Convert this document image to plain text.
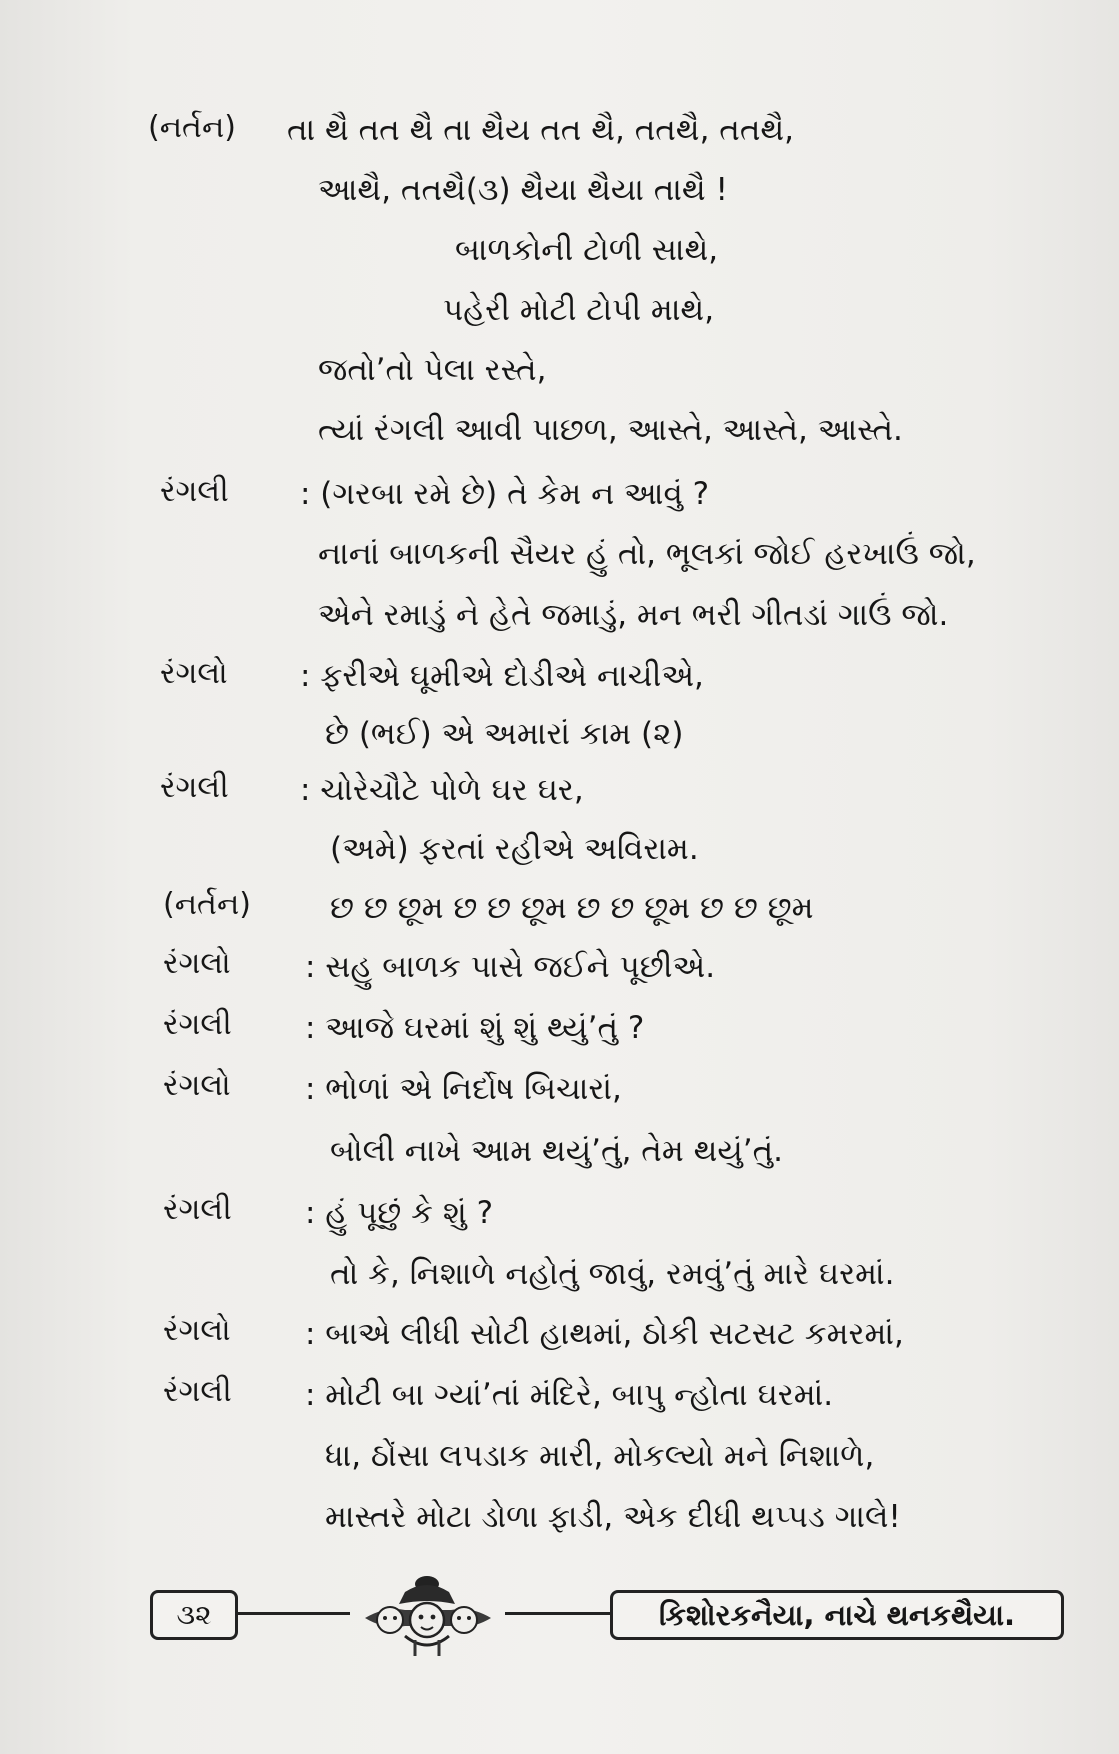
(નર્તન) તા થૈ તત થૈ તા થૈય તત થૈ, તતથૈ, તતથૈ,
આથૈ, તતથૈ(૩) થૈયા થૈયા તાથૈ !
બાળકોની ટોળી સાથે,
પહેરી મોટી ટોપી માથે,
જતો’તો પેલા રસ્તે,
ત્યાં રંગલી આવી પાછળ, આસ્તે, આસ્તે, આસ્તે.
રંગલી : (ગરબા રમે છે) તે કેમ ન આવું ?
નાનાં બાળકની સૈયર હું તો, ભૂલકાં જોઈ હરખાઉં જો,
એને રમાડું ને હેતે જમાડું, મન ભરી ગીતડાં ગાઉં જો.
રંગલો : ફરીએ ઘૂમીએ દોડીએ નાચીએ,
છે (ભઈ) એ અમારાં કામ (૨)
રંગલી : ચોરેચૌટે પોળે ઘર ઘર,
(અમે) ફરતાં રહીએ અવિરામ.
(નર્તન)	છ છ છૂમ છ છ છૂમ છ છ છૂમ છ છ છૂમ
રંગલો : સહુ બાળક પાસે જઈને પૂછીએ.
રંગલી : આજે ઘરમાં શું શું થ્યું’તું ?
રંગલો : ભોળાં એ નિર્દોષ બિચારાં,
બોલી નાખે આમ થયું’તું, તેમ થયું’તું.
રંગલી : હું પૂછું કે શું ?
તો કે, નિશાળે નહોતું જાવું, રમવું’તું મારે ઘરમાં.
રંગલો : બાએ લીધી સોટી હાથમાં, ઠોકી સટસટ કમરમાં,
રંગલી : મોટી બા ગ્યાં’તાં મંદિરે, બાપુ ન્હોતા ઘરમાં.
ધા, ઠોંસા લપડાક મારી, મોકલ્યો મને નિશાળે,
માસ્તરે મોટા ડોળા ફાડી, એક દીધી થપ્પડ ગાલે!
૩૨	કિશોરકનૈયા, નાચે થનકથૈયા.
